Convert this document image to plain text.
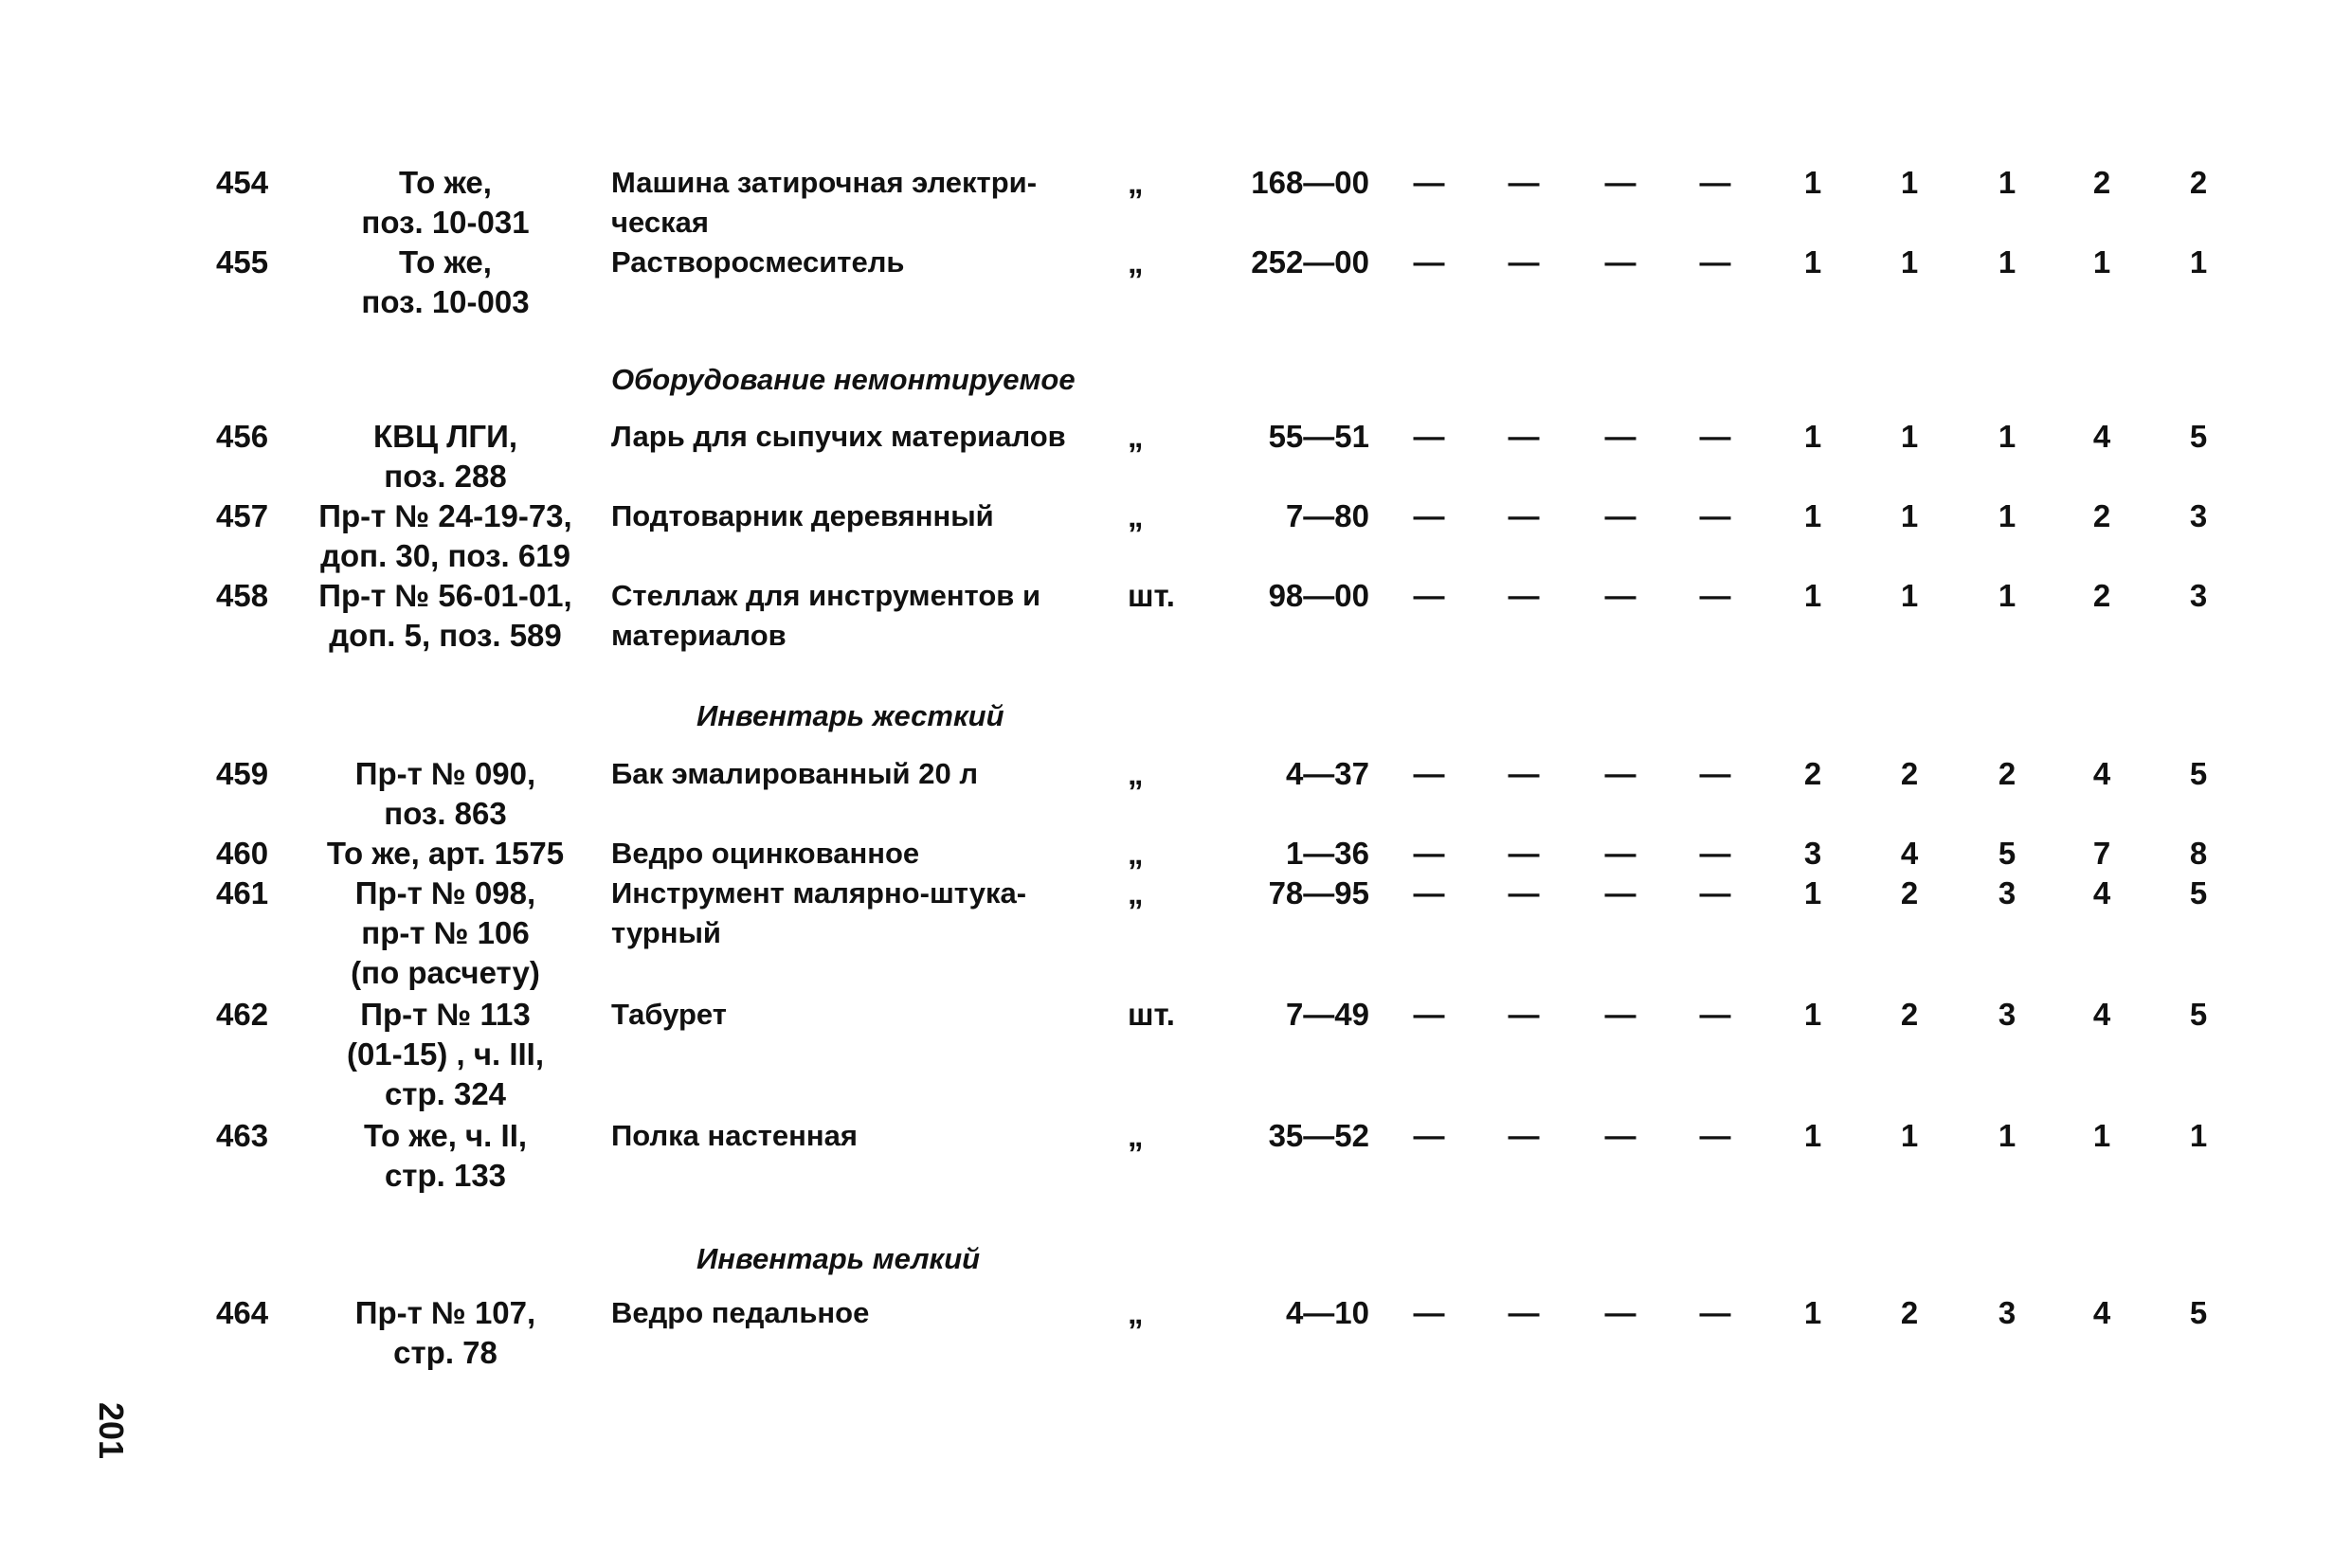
454	То же,
поз. 10-031
Машина затирочная электри-
ческая
„	168—00	—	—	—	—	1	1	1	2	2
455	То же,
поз. 10-003
Растворосмеситель	„	252—00	—	—	—	—	1	1	1	1	1
456	КВЦ ЛГИ,
поз. 288
Ларь для сыпучих материалов	„	55—51	—	—	—	—	1	1	1	4	5
457	Пр-т № 24-19-73,
доп. 30, поз. 619
Подтоварник деревянный	„	7—80	—	—	—	—	1	1	1	2	3
458	Пр-т № 56-01-01,
доп. 5, поз. 589
Стеллаж для инструментов и
материалов
шт.	98—00	—	—	—	—	1	1	1	2	3
459	Пр-т № 090,
поз. 863
Бак эмалированный 20 л	„	4—37	—	—	—	—	2	2	2	4	5
460	То же, арт. 1575	Ведро оцинкованное	„	1—36	—	—	—	—	3	4	5	7	8
461	Пр-т № 098,
пр-т № 106
(по расчету)
Инструмент малярно-штука-
турный
„	78—95	—	—	—	—	1	2	3	4	5
462	Пр-т № 113
(01-15) , ч. III,
стр. 324
Табурет	шт.	7—49	—	—	—	—	1	2	3	4	5
463	То же, ч. II,
стр. 133
Полка настенная	„	35—52	—	—	—	—	1	1	1	1	1
464	Пр-т № 107,
стр. 78
Ведро педальное	„	4—10	—	—	—	—	1	2	3	4	5
Оборудование немонтируемое
Инвентарь жесткий
Инвентарь мелкий
201
